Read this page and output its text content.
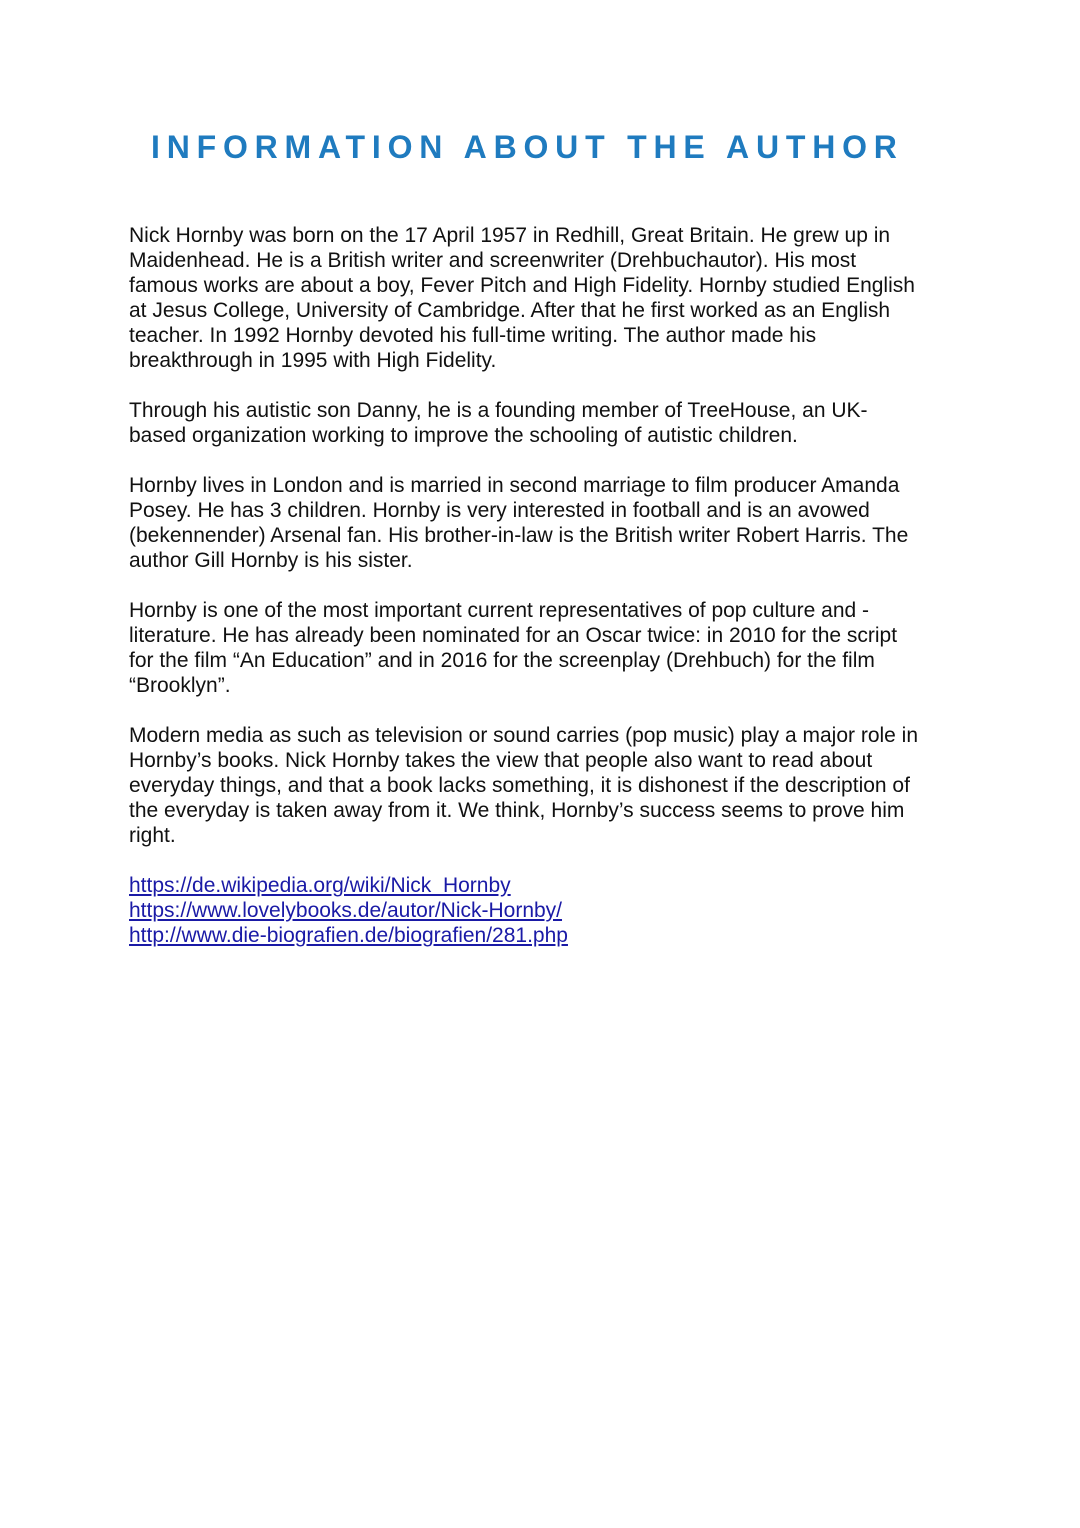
INFORMATION ABOUT THE AUTHOR

Nick Hornby was born on the 17 April 1957 in Redhill, Great Britain. He grew up in
Maidenhead. He is a British writer and screenwriter (Drehbuchautor). His most
famous works are about a boy, Fever Pitch and High Fidelity. Hornby studied English
at Jesus College, University of Cambridge. After that he first worked as an English
teacher. In 1992 Hornby devoted his full-time writing. The author made his
breakthrough in 1995 with High Fidelity.

Through his autistic son Danny, he is a founding member of TreeHouse, an UK-
based organization working to improve the schooling of autistic children.

Hornby lives in London and is married in second marriage to film producer Amanda
Posey. He has 3 children. Hornby is very interested in football and is an avowed
(bekennender) Arsenal fan. His brother-in-law is the British writer Robert Harris. The
author Gill Hornby is his sister.

Hornby is one of the most important current representatives of pop culture and -
literature. He has already been nominated for an Oscar twice: in 2010 for the script
for the film “An Education” and in 2016 for the screenplay (Drehbuch) for the film
“Brooklyn”.

Modern media as such as television or sound carries (pop music) play a major role in
Hornby’s books. Nick Hornby takes the view that people also want to read about
everyday things, and that a book lacks something, it is dishonest if the description of
the everyday is taken away from it. We think, Hornby’s success seems to prove him
right.

https://de.wikipedia.org/wiki/Nick_Hornby
https://www.lovelybooks.de/autor/Nick-Hornby/
http://www.die-biografien.de/biografien/281.php
